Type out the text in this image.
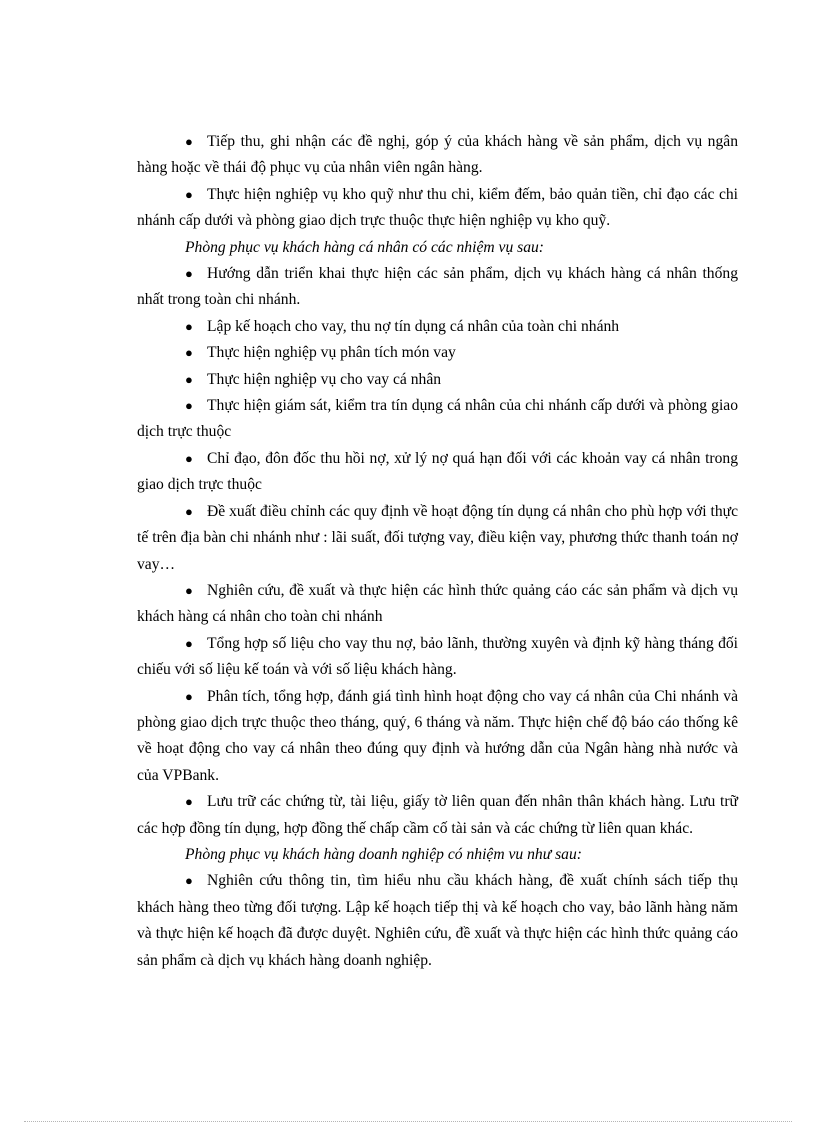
● Tiếp thu, ghi nhận các đề nghị, góp ý của khách hàng về sản phẩm, dịch vụ ngân hàng hoặc về thái độ phục vụ của nhân viên ngân hàng.

● Thực hiện nghiệp vụ kho quỹ như thu chi, kiểm đếm, bảo quản tiền, chỉ đạo các chi nhánh cấp dưới và phòng giao dịch trực thuộc thực hiện nghiệp vụ kho quỹ.

Phòng phục vụ khách hàng cá nhân có các nhiệm vụ sau:

● Hướng dẫn triển khai thực hiện các sản phẩm, dịch vụ khách hàng cá nhân thống nhất trong toàn chi nhánh.

● Lập kế hoạch cho vay, thu nợ tín dụng cá nhân của toàn chi nhánh

● Thực hiện nghiệp vụ phân tích món vay

● Thực hiện nghiệp vụ cho vay cá nhân

● Thực hiện giám sát, kiểm tra tín dụng cá nhân của chi nhánh cấp dưới và phòng giao dịch trực thuộc

● Chỉ đạo, đôn đốc thu hồi nợ, xử lý nợ quá hạn đối với các khoản vay cá nhân trong giao dịch trực thuộc

● Đề xuất điều chỉnh các quy định về hoạt động tín dụng cá nhân cho phù hợp với thực tế trên địa bàn chi nhánh như : lãi suất, đối tượng vay, điều kiện vay, phương thức thanh toán nợ vay…

● Nghiên cứu, đề xuất và thực hiện các hình thức quảng cáo các sản phẩm và dịch vụ khách hàng cá nhân cho toàn chi nhánh

● Tổng hợp số liệu cho vay thu nợ, bảo lãnh, thường xuyên và định kỹ hàng tháng đối chiếu với số liệu kế toán và với số liệu khách hàng.

● Phân tích, tổng hợp, đánh giá tình hình hoạt động cho vay cá nhân của Chi nhánh và phòng giao dịch trực thuộc theo tháng, quý, 6 tháng và năm. Thực hiện chế độ báo cáo thống kê về hoạt động cho vay cá nhân theo đúng quy định và hướng dẫn của Ngân hàng nhà nước và của VPBank.

● Lưu trữ các chứng từ, tài liệu, giấy tờ liên quan đến nhân thân khách hàng. Lưu trữ các hợp đồng tín dụng, hợp đồng thế chấp cầm cố tài sản và các chứng từ liên quan khác.

Phòng phục vụ khách hàng doanh nghiệp có nhiệm vu như sau:

● Nghiên cứu thông tin, tìm hiểu nhu cầu khách hàng, đề xuất chính sách tiếp thụ khách hàng theo từng đối tượng. Lập kế hoạch tiếp thị và kế hoạch cho vay, bảo lãnh hàng năm và thực hiện kế hoạch đã được duyệt. Nghiên cứu, đề xuất và thực hiện các hình thức quảng cáo sản phẩm cà dịch vụ khách hàng doanh nghiệp.
